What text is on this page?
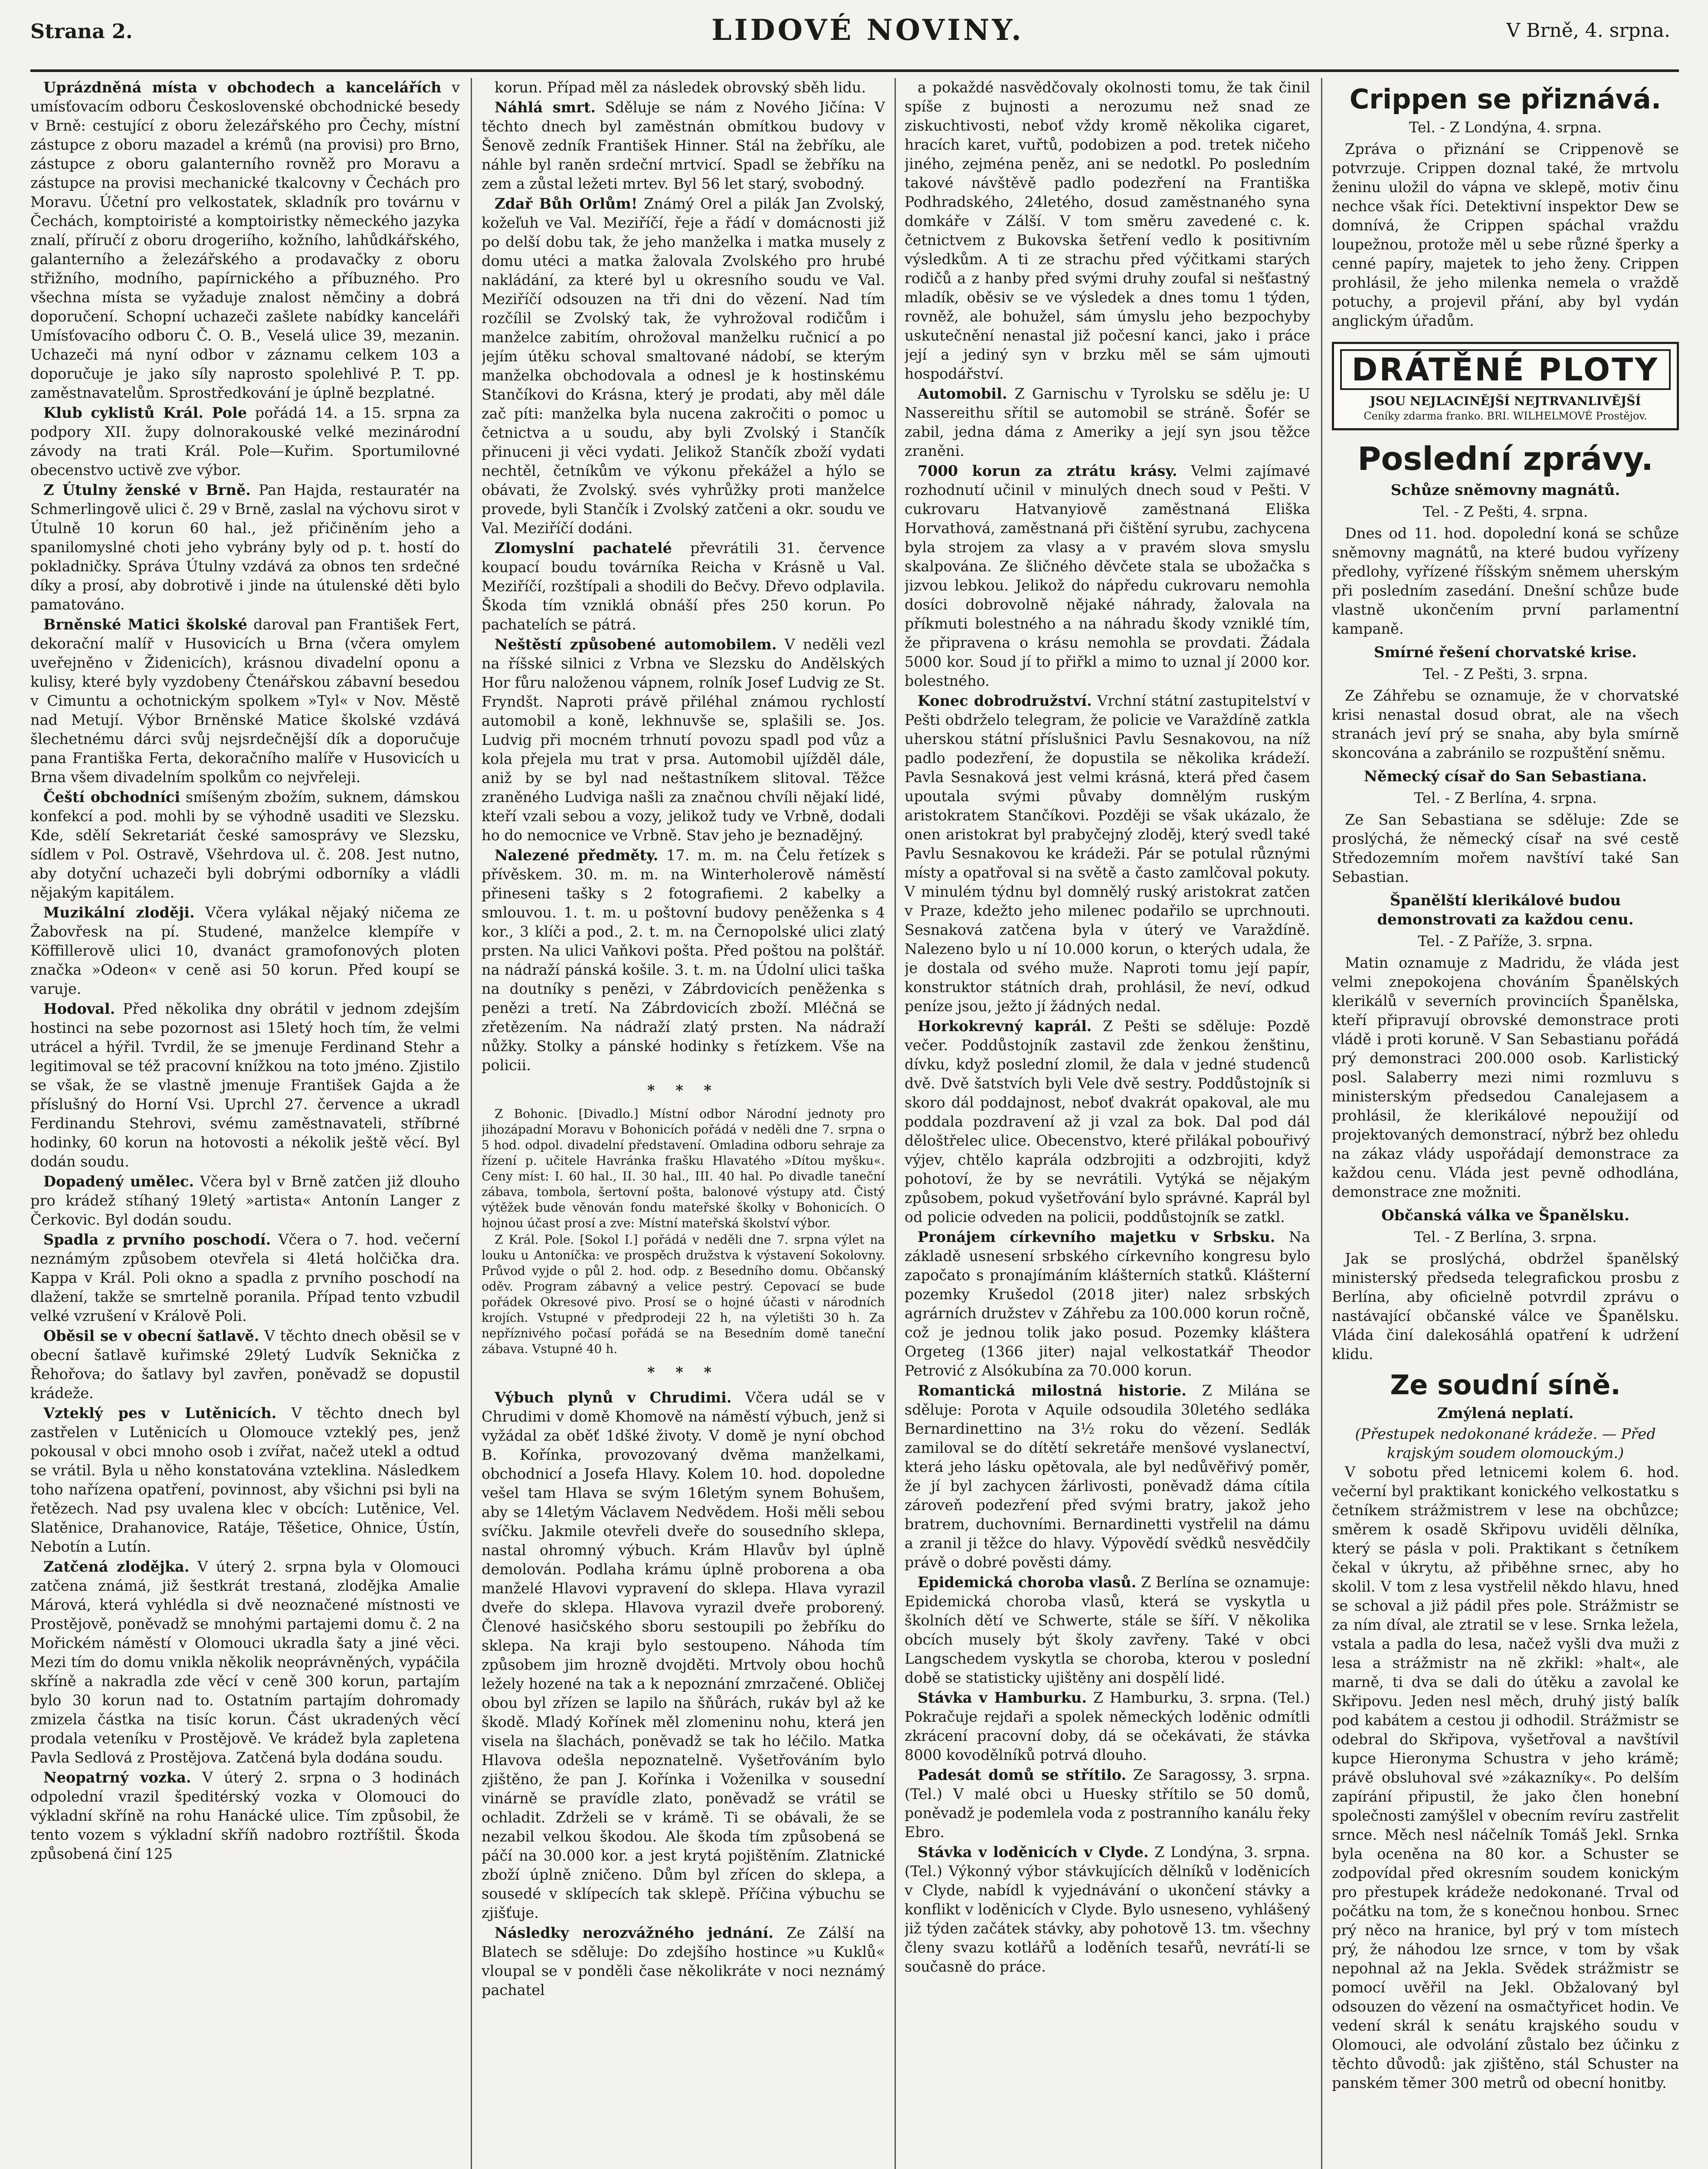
Strana 2.	LIDOVÉ NOVINY.	V Brně, 4. srpna.

Uprázdněná místa v obchodech a kancelářích v umísťovacím odboru Československé obchodnické besedy v Brně: cestující z oboru železářského pro Čechy, místní zástupce z oboru mazadel a krémů (na provisi) pro Brno, zástupce z oboru galanterního rovněž pro Moravu a zástupce na provisi mechanické tkalcovny v Čechách pro Moravu. Účetní pro velkostatek, skladník pro továrnu v Čechách, komptoiristé a komptoiristky německého jazyka znalí, příručí z oboru drogeriího, kožního, lahůdkářského, galanterního a železářského a prodavačky z oboru střižního, modního, papírnického a příbuzného. Pro všechna místa se vyžaduje znalost němčiny a dobrá doporučení. Schopní uchazeči zašlete nabídky kanceláři Umísťovacího odboru Č. O. B., Veselá ulice 39, mezanin. Uchazeči má nyní odbor v záznamu celkem 103 a doporučuje je jako síly naprosto spolehlivé P. T. pp. zaměstnavatelům. Sprostředkování je úplně bezplatné.

Klub cyklistů Král. Pole pořádá 14. a 15. srpna za podpory XII. župy dolnorakouské velké mezinárodní závody na trati Král. Pole—Kuřim. Sportumilovné obecenstvo uctivě zve výbor.

Z Útulny ženské v Brně. Pan Hajda, restauratér na Schmerlingově ulici č. 29 v Brně, zaslal na výchovu sirot v Útulně 10 korun 60 hal., jež přičiněním jeho a spanilomyslné choti jeho vybrány byly od p. t. hostí do pokladničky. Správa Útulny vzdává za obnos ten srdečné díky a prosí, aby dobrotivě i jinde na útulenské děti bylo pamatováno.

Brněnské Matici školské daroval pan František Fert, dekorační malíř v Husovicích u Brna (včera omylem uveřejněno v Židenicích), krásnou divadelní oponu a kulisy, které byly vyzdobeny Čtenářskou zábavní besedou v Cimuntu a ochotnickým spolkem »Tyl« v Nov. Městě nad Metují. Výbor Brněnské Matice školské vzdává šlechetnému dárci svůj nejsrdečnější dík a doporučuje pana Františka Ferta, dekoračního malíře v Husovicích u Brna všem divadelním spolkům co nejvřeleji.

Čeští obchodníci smíšeným zbožím, suknem, dámskou konfekcí a pod. mohli by se výhodně usaditi ve Slezsku. Kde, sdělí Sekretariát české samosprávy ve Slezsku, sídlem v Pol. Ostravě, Všehrdova ul. č. 208. Jest nutno, aby dotyční uchazeči byli dobrými odborníky a vládli nějakým kapitálem.

Muzikální zloději. Včera vylákal nějaký ničema ze Žabovřesk na pí. Studené, manželce klempíře v Köffillerově ulici 10, dvanáct gramofonových ploten značka »Odeon« v ceně asi 50 korun. Před koupí se varuje.

Hodoval. Před několika dny obrátil v jednom zdejším hostinci na sebe pozornost asi 15letý hoch tím, že velmi utrácel a hýřil. Tvrdil, že se jmenuje Ferdinand Stehr a legitimoval se též pracovní knížkou na toto jméno. Zjistilo se však, že se vlastně jmenuje František Gajda a že příslušný do Horní Vsi. Uprchl 27. července a ukradl Ferdinandu Stehrovi, svému zaměstnavateli, stříbrné hodinky, 60 korun na hotovosti a nékolik ještě věcí. Byl dodán soudu.

Dopadený umělec. Včera byl v Brně zatčen již dlouho pro krádež stíhaný 19letý »artista« Antonín Langer z Čerkovic. Byl dodán soudu.

Spadla z prvního poschodí. Včera o 7. hod. večerní neznámým způsobem otevřela si 4letá holčička dra. Kappa v Král. Poli okno a spadla z prvního poschodí na dlažení, takže se smrtelně poranila. Případ tento vzbudil velké vzrušení v Králově Poli.

Oběsil se v obecní šatlavě. V těchto dnech oběsil se v obecní šatlavě kuřimské 29letý Ludvík Seknička z Řehořova; do šatlavy byl zavřen, poněvadž se dopustil krádeže.

Vzteklý pes v Lutěnicích. V těchto dnech byl zastřelen v Lutěnicích u Olomouce vzteklý pes, jenž pokousal v obci mnoho osob i zvířat, načež utekl a odtud se vrátil. Byla u něho konstatována vzteklina. Následkem toho nařízena opatření, povinnost, aby všichni psi byli na řetězech. Nad psy uvalena klec v obcích: Lutěnice, Vel. Slatěnice, Drahanovice, Ratáje, Těšetice, Ohnice, Ústín, Nebotín a Lutín.

Zatčená zlodějka. V úterý 2. srpna byla v Olomouci zatčena známá, již šestkrát trestaná, zlodějka Amalie Márová, která vyhlédla si dvě neoznačené místnosti ve Prostějově, poněvadž se mnohými partajemi domu č. 2 na Mořickém náměstí v Olomouci ukradla šaty a jiné věci. Mezi tím do domu vnikla několik neoprávněných, vypáčila skříně a nakradla zde věcí v ceně 300 korun, partajím bylo 30 korun nad to. Ostatním partajím dohromady zmizela částka na tisíc korun. Část ukradených věcí prodala veteníku v Prostějově. Ve krádež byla zapletena Pavla Sedlová z Prostějova. Zatčená byla dodána soudu.

Neopatrný vozka. V úterý 2. srpna o 3 hodinách odpolední vrazil špeditérský vozka v Olomouci do výkladní skříně na rohu Hanácké ulice. Tím způsobil, že tento vozem s výkladní skříň nadobro roztříštil. Škoda způsobená činí 125

korun. Případ měl za následek obrovský sběh lidu.

Náhlá smrt. Sděluje se nám z Nového Jičína: V těchto dnech byl zaměstnán obmítkou budovy v Šenově zedník František Hinner. Stál na žebříku, ale náhle byl raněn srdeční mrtvicí. Spadl se žebříku na zem a zůstal ležeti mrtev. Byl 56 let starý, svobodný.

Zdař Bůh Orlům! Známý Orel a pilák Jan Zvolský, kožeľuh ve Val. Meziříčí, řeje a řádí v domácnosti již po delší dobu tak, že jeho manželka i matka musely z domu utéci a matka žalovala Zvolského pro hrubé nakládání, za které byl u okresního soudu ve Val. Meziříčí odsouzen na tři dni do vězení. Nad tím rozčílil se Zvolský tak, že vyhrožoval rodičům i manželce zabitím, ohrožoval manželku ručnicí a po jejím útěku schoval smaltované nádobí, se kterým manželka obchodovala a odnesl je k hostinskému Stančíkovi do Krásna, který je prodati, aby měl dále zač píti: manželka byla nucena zakročiti o pomoc u četnictva a u soudu, aby byli Zvolský i Stančík přinuceni ji věci vydati. Jelikož Stančík zboží vydati nechtěl, četníkům ve výkonu překážel a hýlo se obávati, že Zvolský. svés vyhrůžky proti manželce provede, byli Stančík i Zvolský zatčeni a okr. soudu ve Val. Meziříčí dodáni.

Zlomyslní pachatelé převrátili 31. července koupací boudu továrníka Reicha v Krásně u Val. Meziříčí, rozštípali a shodili do Bečvy. Dřevo odplavila. Škoda tím vzniklá obnáší přes 250 korun. Po pachatelích se pátrá.

Neštěstí způsobené automobilem. V neděli vezl na říšské silnici z Vrbna ve Slezsku do Andělských Hor fůru naloženou vápnem, rolník Josef Ludvig ze St. Fryndšt. Naproti právě přiléhal známou rychlostí automobil a koně, lekhnuvše se, splašili se. Jos. Ludvig při mocném trhnutí povozu spadl pod vůz a kola přejela mu trat v prsa. Automobil ujížděl dále, aniž by se byl nad neštastníkem slitoval. Těžce zraněného Ludviga našli za značnou chvíli nějakí lidé, kteří vzali sebou a vozy, jelikož tudy ve Vrbně, dodali ho do nemocnice ve Vrbně. Stav jeho je beznadějný.

Nalezené předměty. 17. m. m. na Čelu řetízek s přívěskem. 30. m. m. na Winterholerově náměstí přineseni tašky s 2 fotografiemi. 2 kabelky a smlouvou. 1. t. m. u poštovní budovy peněženka s 4 kor., 3 klíči a pod., 2. t. m. na Černopolské ulici zlatý prsten. Na ulici Vaňkovi pošta. Před poštou na polštář. na nádraží pánská košile. 3. t. m. na Údolní ulici taška na doutníky s penězi, v Zábrdovicích peněženka s penězi a tretí. Na Zábrdovicích zboží. Mléčná se zřetězením. Na nádraží zlatý prsten. Na nádraží nůžky. Stolky a pánské hodinky s řetízkem. Vše na policii.

* * *

Z Bohonic. [Divadlo.] Místní odbor Národní jednoty pro jihozápadní Moravu v Bohonicích pořádá v neděli dne 7. srpna o 5 hod. odpol. divadelní představení. Omladina odboru sehraje za řízení p. učitele Havránka frašku Hlavatého »Dítou myšku«. Ceny míst: I. 60 hal., II. 30 hal., III. 40 hal. Po divadle taneční zábava, tombola, šertovní pošta, balonové výstupy atd. Čistý výtěžek bude věnován fondu mateřské školky v Bohonicích. O hojnou účast prosí a zve: Místní mateřská školství výbor.

Z Král. Pole. [Sokol I.] pořádá v neděli dne 7. srpna výlet na louku u Antoníčka: ve prospěch družstva k výstavení Sokolovny. Průvod vyjde o půl 2. hod. odp. z Besedního domu. Občanský oděv. Program zábavný a velice pestrý. Cepovací se bude pořádek Okresové pivo. Prosí se o hojné účasti v národních krojích. Vstupné v předprodeji 22 h, na výletišti 30 h. Za nepříznivého počasí pořádá se na Besedním domě taneční zábava. Vstupné 40 h.

* * *

Výbuch plynů v Chrudimi. Včera udál se v Chrudimi v domě Khomově na náměstí výbuch, jenž si vyžádal za oběť 1dšké životy. V domě je nyní obchod B. Kořínka, provozovaný dvěma manželkami, obchodnicí a Josefa Hlavy. Kolem 10. hod. dopoledne vešel tam Hlava se svým 16letým synem Bohušem, aby se 14letým Václavem Nedvědem. Hoši měli sebou svíčku. Jakmile otevřeli dveře do sousedního sklepa, nastal ohromný výbuch. Krám Hlavův byl úplně demolován. Podlaha krámu úplně proborena a oba manželé Hlavovi vypravení do sklepa. Hlava vyrazil dveře do sklepa. Hlavova vyrazil dveře proborený. Členové hasičského sboru sestoupili po žebříku do sklepa. Na kraji bylo sestoupeno. Náhoda tím způsobem jim hrozně dvojděti. Mrtvoly obou hochů ležely hozené na tak a k nepoznání zmrzačené. Obličej obou byl zřízen se lapilo na šňůrách, rukáv byl až ke škodě. Mladý Kořínek měl zlomeninu nohu, která jen visela na šlachách, poněvadž se tak ho léčilo. Matka Hlavova odešla nepoznatelně. Vyšetřováním bylo zjištěno, že pan J. Kořínka i Voženilka v sousední vinárně se pravídle zlato, poněvadž se vrátil se ochladit. Zdrželi se v krámě. Ti se obávali, že se nezabil velkou škodou. Ale škoda tím způsobená se páčí na 30.000 kor. a jest krytá pojištěním. Zlatnické zboží úplně zničeno. Dům byl zřícen do sklepa, a sousedé v sklípecích tak sklepě. Příčina výbuchu se zjišťuje.

Následky nerozvážného jednání. Ze Zálší na Blatech se sděluje: Do zdejšího hostince »u Kuklů« vloupal se v ponděli čase několikráte v noci neznámý pachatel

a pokaždé nasvědčovaly okolnosti tomu, že tak činil spíše z bujnosti a nerozumu než snad ze ziskuchtivosti, neboť vždy kromě několika cigaret, hracích karet, vuřtů, podobizen a pod. tretek ničeho jiného, zejména peněz, ani se nedotkl. Po posledním takové návštěvě padlo podezření na Františka Podhradského, 24letého, dosud zaměstnaného syna domkáře v Zálší. V tom směru zavedené c. k. četnictvem z Bukovska šetření vedlo k positivním výsledkům. A ti ze strachu před výčitkami starých rodičů a z hanby před svými druhy zoufal si nešťastný mladík, oběsiv se ve výsledek a dnes tomu 1 týden, rovněž, ale bohužel, sám úmyslu jeho bezpochyby uskutečnění nenastal již počesní kanci, jako i práce její a jediný syn v brzku měl se sám ujmouti hospodářství.

Automobil. Z Garnischu v Tyrolsku se sdělu je: U Nassereithu sřítil se automobil se stráně. Šofér se zabil, jedna dáma z Ameriky a její syn jsou těžce zraněni.

7000 korun za ztrátu krásy. Velmi zajímavé rozhodnutí učinil v minulých dnech soud v Pešti. V cukrovaru Hatvanyiově zaměstnaná Eliška Horvathová, zaměstnaná při čištění syrubu, zachycena byla strojem za vlasy a v pravém slova smyslu skalpována. Ze šličného děvčete stala se ubožačka s jizvou lebkou. Jelikož do nápředu cukrovaru nemohla dosíci dobrovolně nějaké náhrady, žalovala na příkmuti bolestného a na náhradu škody vzniklé tím, že připravena o krásu nemohla se provdati. Žádala 5000 kor. Soud jí to přiřkl a mimo to uznal jí 2000 kor. bolestného.

Konec dobrodružství. Vrchní státní zastupitelství v Pešti obdrželo telegram, že policie ve Varaždíně zatkla uherskou státní příslušnici Pavlu Sesnakovou, na níž padlo podezření, že dopustila se několika krádeží. Pavla Sesnaková jest velmi krásná, která před časem upoutala svými půvaby domnělým ruským aristokratem Stančíkovi. Později se však ukázalo, že onen aristokrat byl prabyčejný zloděj, který svedl také Pavlu Sesnakovou ke krádeži. Pár se potulal různými místy a opatřoval si na světě a často zamlčoval pokuty. V minulém týdnu byl domnělý ruský aristokrat zatčen v Praze, kdežto jeho milenec podařilo se uprchnouti. Sesnaková zatčena byla v úterý ve Varaždíně. Nalezeno bylo u ní 10.000 korun, o kterých udala, že je dostala od svého muže. Naproti tomu její papír, konstruktor státních drah, prohlásil, že neví, odkud peníze jsou, ježto jí žádných nedal.

Horkokrevný kaprál. Z Pešti se sděluje: Pozdě večer. Poddůstojník zastavil zde ženkou ženštinu, dívku, když poslední zlomil, že dala v jedné studenců dvě. Dvě šatstvích byli Vele dvě sestry. Poddůstojník si skoro dál poddajnost, neboť dvakrát opakoval, ale mu poddala pozdravení až ji vzal za bok. Dal pod dál děloštřelec ulice. Obecenstvo, které přilákal pobouřivý výjev, chtělo kaprála odzbrojiti a odzbrojiti, když pohotoví, že by se nevrátili. Vytýká se nějakým způsobem, pokud vyšetřování bylo správné. Kaprál byl od policie odveden na policii, poddůstojník se zatkl.

Pronájem církevního majetku v Srbsku. Na základě usnesení srbského církevního kongresu bylo započato s pronajímáním klášterních statků. Klášterní pozemky Krušedol (2018 jiter) nalez srbských agrárních družstev v Záhřebu za 100.000 korun ročně, což je jednou tolik jako posud. Pozemky kláštera Orgeteg (1366 jiter) najal velkostatkář Theodor Petrović z Alsókubína za 70.000 korun.

Romantická milostná historie. Z Milána se sděluje: Porota v Aquile odsoudila 30letého sedláka Bernardinettino na 3½ roku do vězení. Sedlák zamiloval se do dítětí sekretáře menšové vyslanectví, která jeho lásku opětovala, ale byl nedůvěřivý poměr, že jí byl zachycen žárlivosti, poněvadž dáma cítila zároveň podezření před svými bratry, jakož jeho bratrem, duchovními. Bernardinetti vystřelil na dámu a zranil ji těžce do hlavy. Výpovědí svědků nesvědčily právě o dobré pověsti dámy.

Epidemická choroba vlasů. Z Berlína se oznamuje: Epidemická choroba vlasů, která se vyskytla u školních dětí ve Schwerte, stále se šíří. V několika obcích musely být školy zavřeny. Také v obci Langschedem vyskytla se choroba, kterou v poslední době se statisticky ujištěny ani dospělí lidé.

Stávka v Hamburku. Z Hamburku, 3. srpna. (Tel.) Pokračuje rejdaři a spolek německých loděnic odmítli zkrácení pracovní doby, dá se očekávati, že stávka 8000 kovodělníků potrvá dlouho.

Padesát domů se střítilo. Ze Saragossy, 3. srpna. (Tel.) V malé obci u Huesky střítilo se 50 domů, poněvadž je podemlela voda z postranního kanálu řeky Ebro.

Stávka v loděnicích v Clyde. Z Londýna, 3. srpna. (Tel.) Výkonný výbor stávkujících dělníků v loděnicích v Clyde, nabídl k vyjednávání o ukončení stávky a konflikt v loděnicích v Clyde. Bylo usneseno, vyhlášený již týden začátek stávky, aby pohotově 13. tm. všechny členy svazu kotlářů a loděních tesařů, nevrátí-li se současně do práce.

Crippen se přiznává.
Tel. - Z Londýna, 4. srpna.

Zpráva o přiznání se Crippenově se potvrzuje. Crippen doznal také, že mrtvolu ženinu uložil do vápna ve sklepě, motiv činu nechce však říci. Detektivní inspektor Dew se domnívá, že Crippen spáchal vraždu loupežnou, protože měl u sebe různé šperky a cenné papíry, majetek to jeho ženy. Crippen prohlásil, že jeho milenka nemela o vraždě potuchy, a projevil přání, aby byl vydán anglickým úřadům.

DRÁTĚNÉ PLOTY
JSOU NEJLACINĚJŠÍ NEJTRVANLIVĚJŠÍ
Ceníky zdarma franko. BRI. WILHELMOVÉ Prostějov.
Poslední zprávy.
Schůze sněmovny magnátů.
Tel. - Z Pešti, 4. srpna.

Dnes od 11. hod. dopolední koná se schůze sněmovny magnátů, na které budou vyřízeny předlohy, vyřízené říšským sněmem uherským při posledním zasedání. Dnešní schůze bude vlastně ukončením první parlamentní kampaně.

Smírné řešení chorvatské krise.
Tel. - Z Pešti, 3. srpna.

Ze Záhřebu se oznamuje, že v chorvatské krisi nenastal dosud obrat, ale na všech stranách jeví prý se snaha, aby byla smírně skoncována a zabránilo se rozpuštění sněmu.

Německý císař do San Sebastiana.
Tel. - Z Berlína, 4. srpna.

Ze San Sebastiana se sděluje: Zde se proslýchá, že německý císař na své cestě Středozemním mořem navštíví také San Sebastian.

Španělští klerikálové budou demonstrovati za každou cenu.
Tel. - Z Paříže, 3. srpna.

Matin oznamuje z Madridu, že vláda jest velmi znepokojena chováním Španělských klerikálů v severních provinciích Španělska, kteří připravují obrovské demonstrace proti vládě i proti koruně. V San Sebastianu pořádá prý demonstraci 200.000 osob. Karlistický posl. Salaberry mezi nimi rozmluvu s ministerským předsedou Canalejasem a prohlásil, že klerikálové nepoužijí od projektovaných demonstrací, nýbrž bez ohledu na zákaz vlády uspořádají demonstrace za každou cenu. Vláda jest pevně odhodlána, demonstrace zne možniti.

Občanská válka ve Španělsku.
Tel. - Z Berlína, 3. srpna.

Jak se proslýchá, obdržel španělský ministerský předseda telegrafickou prosbu z Berlína, aby oficielně potvrdil zprávu o nastávající občanské válce ve Španělsku. Vláda činí dalekosáhlá opatření k udržení klidu.

Ze soudní síně.
Zmýlená neplatí.
(Přestupek nedokonané krádeže. — Před krajským soudem olomouckým.)

V sobotu před letnicemi kolem 6. hod. večerní byl praktikant konického velkostatku s četníkem strážmistrem v lese na obchůzce; směrem k osadě Skřipovu uviděli dělníka, který se pásla v poli. Praktikant s četníkem čekal v úkrytu, až přiběhne srnec, aby ho skolil. V tom z lesa vystřelil někdo hlavu, hned se schoval a již pádil přes pole. Strážmistr se za ním díval, ale ztratil se v lese. Srnka ležela, vstala a padla do lesa, načež vyšli dva muži z lesa a strážmistr na ně zkřikl: »halt«, ale marně, ti dva se dali do útěku a zavolal ke Skřipovu. Jeden nesl měch, druhý jistý balík pod kabátem a cestou ji odhodil. Strážmistr se odebral do Skřipova, vyšetřoval a navštívil kupce Hieronyma Schustra v jeho krámě; právě obsluhoval své »zákazníky«. Po delším zapírání připustil, že jako člen honební společnosti zamýšlel v obecním revíru zastřelit srnce. Měch nesl náčelník Tomáš Jekl. Srnka byla oceněna na 80 kor. a Schuster se zodpovídal před okresním soudem konickým pro přestupek krádeže nedokonané. Trval od počátku na tom, že s konečnou honbou. Srnec prý něco na hranice, byl prý v tom místech prý, že náhodou lze srnce, v tom by však nepohnal až na Jekla. Svědek strážmistr se pomocí uvěřil na Jekl. Obžalovaný byl odsouzen do vězení na osmačtyřicet hodin. Ve vedení skrál k senátu krajského soudu v Olomouci, ale odvolání zůstalo bez účinku z těchto důvodů: jak zjištěno, stál Schuster na panském těmer 300 metrů od obecní honitby.
